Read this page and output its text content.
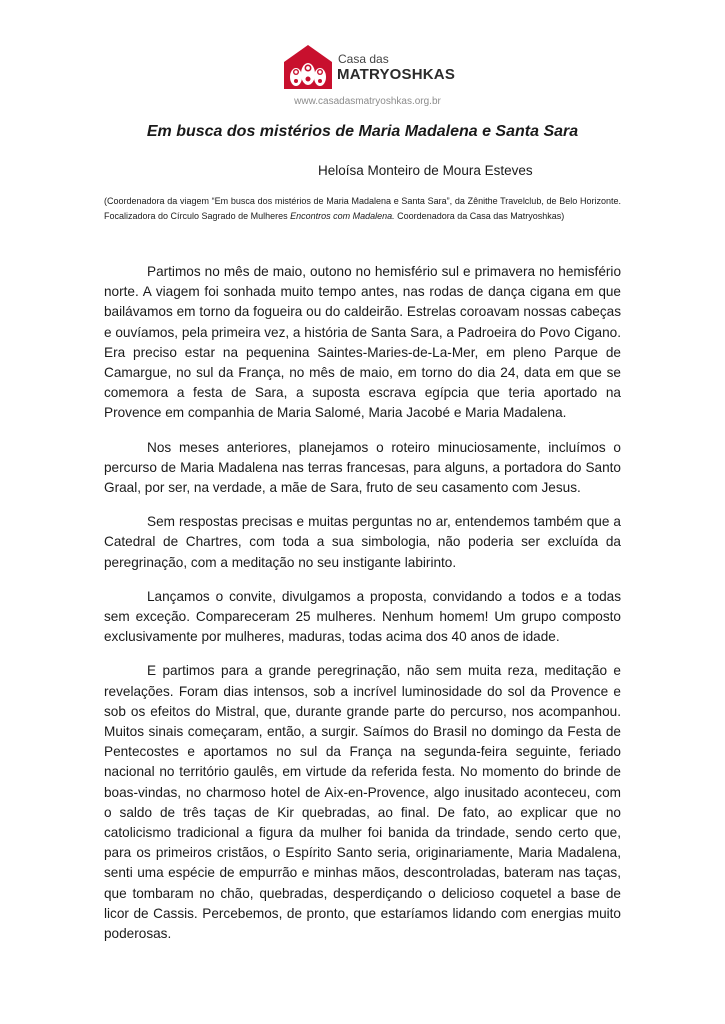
Casa das
MATRYOSHKAS
www.casadasmatryoshkas.org.br
Em busca dos mistérios de Maria Madalena e Santa Sara
Heloísa Monteiro de Moura Esteves
(Coordenadora da viagem “Em busca dos mistérios de Maria Madalena e Santa Sara”, da Zênithe Travelclub, de Belo Horizonte. Focalizadora do Círculo Sagrado de Mulheres Encontros com Madalena. Coordenadora da Casa das Matryoshkas)

Partimos no mês de maio, outono no hemisfério sul e primavera no hemisfério norte. A viagem foi sonhada muito tempo antes, nas rodas de dança cigana em que bailávamos em torno da fogueira ou do caldeirão. Estrelas coroavam nossas cabeças e ouvíamos, pela primeira vez, a história de Santa Sara, a Padroeira do Povo Cigano. Era preciso estar na pequenina Saintes-Maries-de-La-Mer, em pleno Parque de Camargue, no sul da França, no mês de maio, em torno do dia 24, data em que se comemora a festa de Sara, a suposta escrava egípcia que teria aportado na Provence em companhia de Maria Salomé, Maria Jacobé e Maria Madalena.

Nos meses anteriores, planejamos o roteiro minuciosamente, incluímos o percurso de Maria Madalena nas terras francesas, para alguns, a portadora do Santo Graal, por ser, na verdade, a mãe de Sara, fruto de seu casamento com Jesus.

Sem respostas precisas e muitas perguntas no ar, entendemos também que a Catedral de Chartres, com toda a sua simbologia, não poderia ser excluída da peregrinação, com a meditação no seu instigante labirinto.

Lançamos o convite, divulgamos a proposta, convidando a todos e a todas sem exceção. Compareceram 25 mulheres. Nenhum homem! Um grupo composto exclusivamente por mulheres, maduras, todas acima dos 40 anos de idade.

E partimos para a grande peregrinação, não sem muita reza, meditação e revelações. Foram dias intensos, sob a incrível luminosidade do sol da Provence e sob os efeitos do Mistral, que, durante grande parte do percurso, nos acompanhou. Muitos sinais começaram, então, a surgir. Saímos do Brasil no domingo da Festa de Pentecostes e aportamos no sul da França na segunda-feira seguinte, feriado nacional no território gaulês, em virtude da referida festa. No momento do brinde de boas-vindas, no charmoso hotel de Aix-en-Provence, algo inusitado aconteceu, com o saldo de três taças de Kir quebradas, ao final. De fato, ao explicar que no catolicismo tradicional a figura da mulher foi banida da trindade, sendo certo que, para os primeiros cristãos, o Espírito Santo seria, originariamente, Maria Madalena, senti uma espécie de empurrão e minhas mãos, descontroladas, bateram nas taças, que tombaram no chão, quebradas, desperdiçando o delicioso coquetel a base de licor de Cassis. Percebemos, de pronto, que estaríamos lidando com energias muito poderosas.
